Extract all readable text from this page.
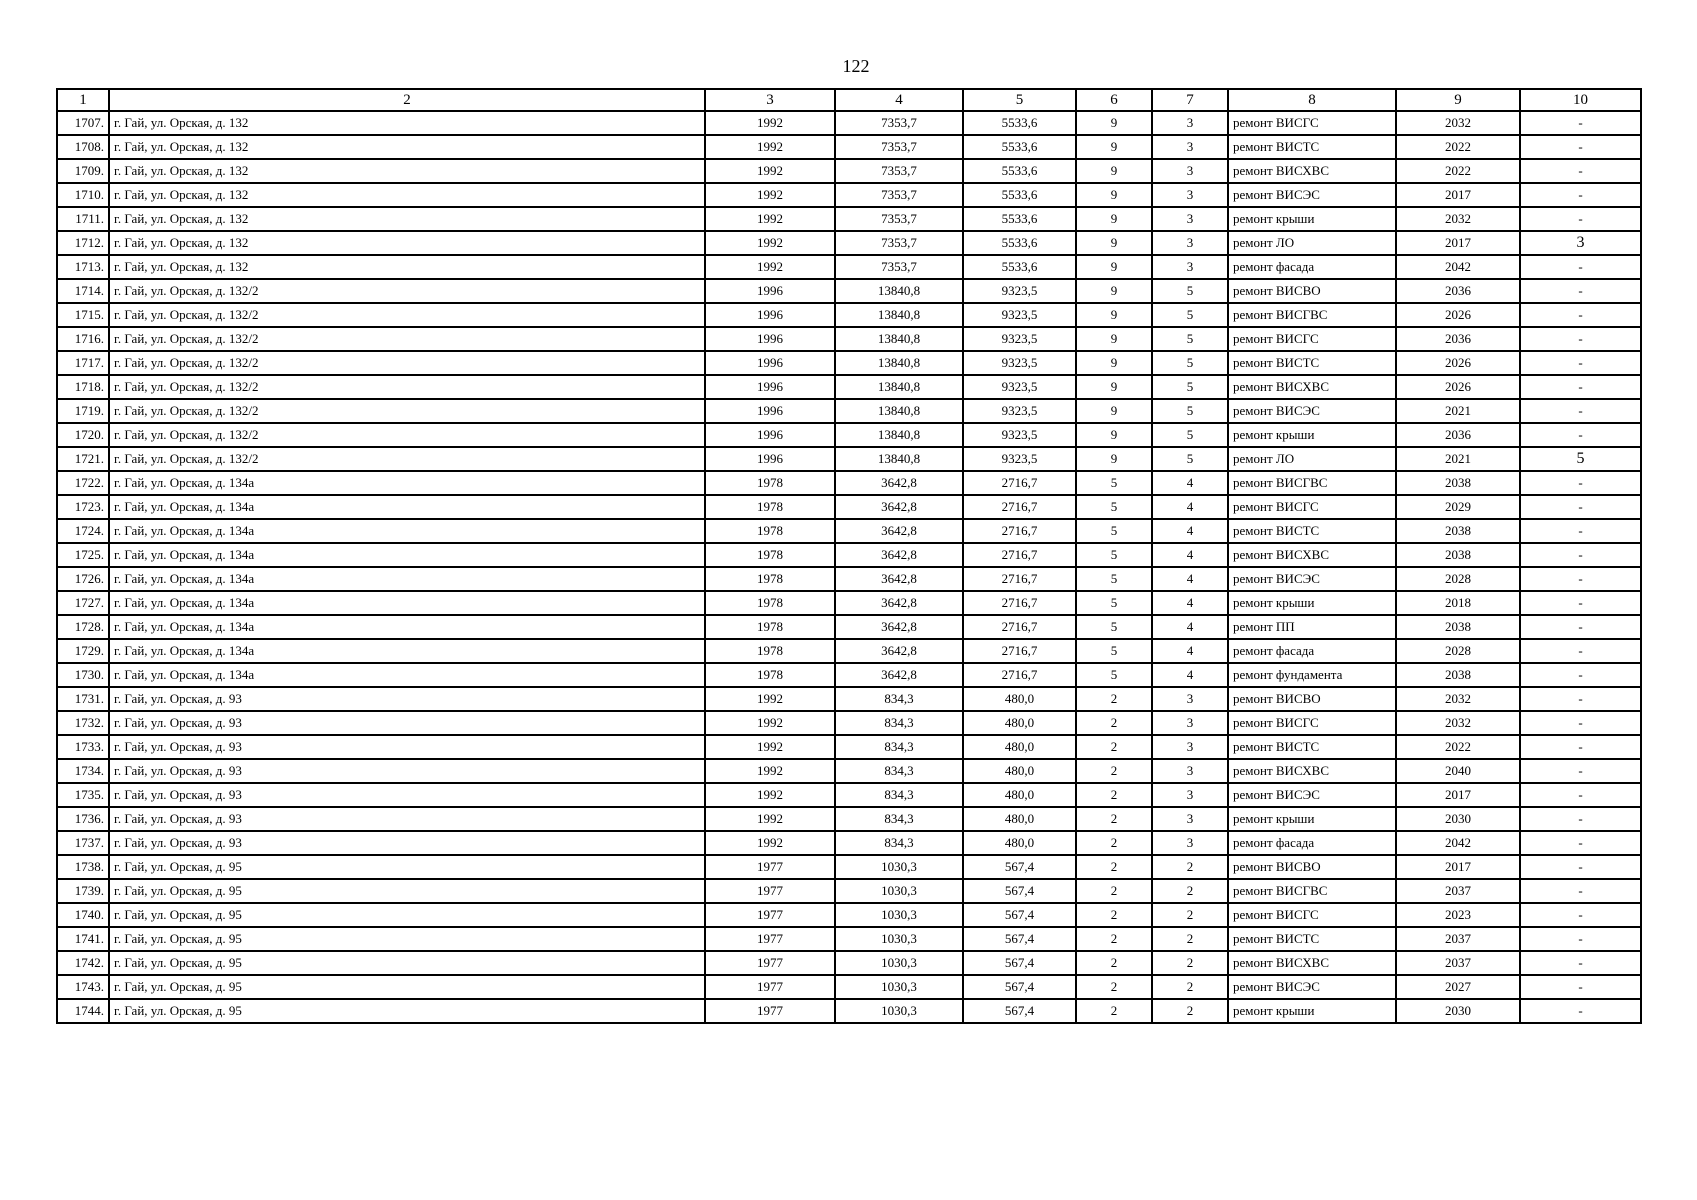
122
1	2	3	4	5	6	7	8	9	10
1707.	г. Гай, ул. Орская, д. 132	1992	7353,7	5533,6	9	3	ремонт ВИСГС	2032	-
1708.	г. Гай, ул. Орская, д. 132	1992	7353,7	5533,6	9	3	ремонт ВИСТС	2022	-
1709.	г. Гай, ул. Орская, д. 132	1992	7353,7	5533,6	9	3	ремонт ВИСХВС	2022	-
1710.	г. Гай, ул. Орская, д. 132	1992	7353,7	5533,6	9	3	ремонт ВИСЭС	2017	-
1711.	г. Гай, ул. Орская, д. 132	1992	7353,7	5533,6	9	3	ремонт крыши	2032	-
1712.	г. Гай, ул. Орская, д. 132	1992	7353,7	5533,6	9	3	ремонт ЛО	2017	3
1713.	г. Гай, ул. Орская, д. 132	1992	7353,7	5533,6	9	3	ремонт фасада	2042	-
1714.	г. Гай, ул. Орская, д. 132/2	1996	13840,8	9323,5	9	5	ремонт ВИСВО	2036	-
1715.	г. Гай, ул. Орская, д. 132/2	1996	13840,8	9323,5	9	5	ремонт ВИСГВС	2026	-
1716.	г. Гай, ул. Орская, д. 132/2	1996	13840,8	9323,5	9	5	ремонт ВИСГС	2036	-
1717.	г. Гай, ул. Орская, д. 132/2	1996	13840,8	9323,5	9	5	ремонт ВИСТС	2026	-
1718.	г. Гай, ул. Орская, д. 132/2	1996	13840,8	9323,5	9	5	ремонт ВИСХВС	2026	-
1719.	г. Гай, ул. Орская, д. 132/2	1996	13840,8	9323,5	9	5	ремонт ВИСЭС	2021	-
1720.	г. Гай, ул. Орская, д. 132/2	1996	13840,8	9323,5	9	5	ремонт крыши	2036	-
1721.	г. Гай, ул. Орская, д. 132/2	1996	13840,8	9323,5	9	5	ремонт ЛО	2021	5
1722.	г. Гай, ул. Орская, д. 134а	1978	3642,8	2716,7	5	4	ремонт ВИСГВС	2038	-
1723.	г. Гай, ул. Орская, д. 134а	1978	3642,8	2716,7	5	4	ремонт ВИСГС	2029	-
1724.	г. Гай, ул. Орская, д. 134а	1978	3642,8	2716,7	5	4	ремонт ВИСТС	2038	-
1725.	г. Гай, ул. Орская, д. 134а	1978	3642,8	2716,7	5	4	ремонт ВИСХВС	2038	-
1726.	г. Гай, ул. Орская, д. 134а	1978	3642,8	2716,7	5	4	ремонт ВИСЭС	2028	-
1727.	г. Гай, ул. Орская, д. 134а	1978	3642,8	2716,7	5	4	ремонт крыши	2018	-
1728.	г. Гай, ул. Орская, д. 134а	1978	3642,8	2716,7	5	4	ремонт ПП	2038	-
1729.	г. Гай, ул. Орская, д. 134а	1978	3642,8	2716,7	5	4	ремонт фасада	2028	-
1730.	г. Гай, ул. Орская, д. 134а	1978	3642,8	2716,7	5	4	ремонт фундамента	2038	-
1731.	г. Гай, ул. Орская, д. 93	1992	834,3	480,0	2	3	ремонт ВИСВО	2032	-
1732.	г. Гай, ул. Орская, д. 93	1992	834,3	480,0	2	3	ремонт ВИСГС	2032	-
1733.	г. Гай, ул. Орская, д. 93	1992	834,3	480,0	2	3	ремонт ВИСТС	2022	-
1734.	г. Гай, ул. Орская, д. 93	1992	834,3	480,0	2	3	ремонт ВИСХВС	2040	-
1735.	г. Гай, ул. Орская, д. 93	1992	834,3	480,0	2	3	ремонт ВИСЭС	2017	-
1736.	г. Гай, ул. Орская, д. 93	1992	834,3	480,0	2	3	ремонт крыши	2030	-
1737.	г. Гай, ул. Орская, д. 93	1992	834,3	480,0	2	3	ремонт фасада	2042	-
1738.	г. Гай, ул. Орская, д. 95	1977	1030,3	567,4	2	2	ремонт ВИСВО	2017	-
1739.	г. Гай, ул. Орская, д. 95	1977	1030,3	567,4	2	2	ремонт ВИСГВС	2037	-
1740.	г. Гай, ул. Орская, д. 95	1977	1030,3	567,4	2	2	ремонт ВИСГС	2023	-
1741.	г. Гай, ул. Орская, д. 95	1977	1030,3	567,4	2	2	ремонт ВИСТС	2037	-
1742.	г. Гай, ул. Орская, д. 95	1977	1030,3	567,4	2	2	ремонт ВИСХВС	2037	-
1743.	г. Гай, ул. Орская, д. 95	1977	1030,3	567,4	2	2	ремонт ВИСЭС	2027	-
1744.	г. Гай, ул. Орская, д. 95	1977	1030,3	567,4	2	2	ремонт крыши	2030	-
